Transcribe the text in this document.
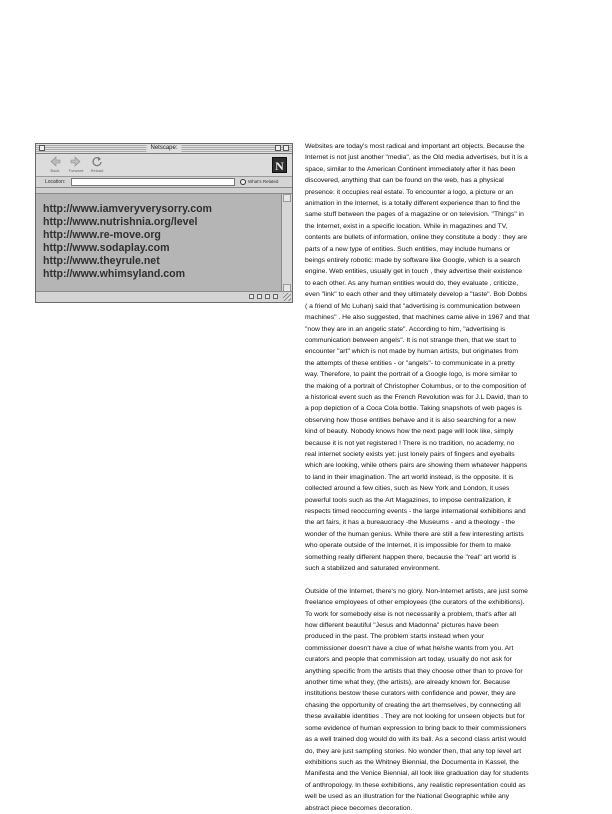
Netscape:
Back	Forward	Reload	N
Location:	What's Related
http://www.iamveryverysorry.com
http://www.nutrishnia.org/level
http://www.re-move.org
http://www.sodaplay.com
http://www.theyrule.net
http://www.whimsyland.com

Websites are today's most radical and important art objects. Because the
Internet is not just another "media", as the Old media advertises, but it is a
space, similar to the American Continent immediately after it has been
discovered, anything that can be found on the web, has a physical
presence: it occupies real estate. To encounter a logo, a picture or an
animation in the Internet, is a totally different experience than to find the
same stuff between the pages of a magazine or on television. "Things" in
the Internet, exist in a specific location. While in magazines and TV,
contents are bullets of information, online they constitute a body : they are
parts of a new type of entities. Such entities, may include humans or
beings entirely robotic: made by software like Google, which is a search
engine. Web entities, usually get in touch , they advertise their existence
to each other. As any human entities would do, they evaluate , criticize,
even "link" to each other and they ultimately develop a "taste". Bob Dobbs
( a friend of Mc Luhan) said that "advertising is communication between
machines" . He also suggested, that machines came alive in 1967 and that
"now they are in an angelic state". According to him, "advertising is
communication between angels". It is not strange then, that we start to
encounter "art" which is not made by human artists, but originates from
the attempts of these entities - or "angels"- to communicate in a pretty
way. Therefore, to paint the portrait of a Google logo, is more similar to
the making of a portrait of Christopher Columbus, or to the composition of
a historical event such as the French Revolution was for J.L David, than to
a pop depiction of a Coca Cola bottle. Taking snapshots of web pages is
observing how those entities behave and it is also searching for a new
kind of beauty. Nobody knows how the next page will look like, simply
because it is not yet registered ! There is no tradition, no academy, no
real internet society exists yet: just lonely pairs of fingers and eyeballs
which are looking, while others pairs are showing them whatever happens
to land in their imagination. The art world instead, is the opposite. It is
collected around a few cities, such as New York and London, it uses
powerful tools such as the Art Magazines, to impose centralization, it
respects timed reoccurring events - the large international exhibitions and
the art fairs, it has a bureaucracy -the Museums - and a theology - the
wonder of the human genius. While there are still a few interesting artists
who operate outside of the Internet, it is impossible for them to make
something really different happen there, because the "real" art world is
such a stabilized and saturated environment.

Outside of the Internet, there's no glory. Non-Internet artists, are just some
freelance employees of other employees (the curators of the exhibitions).
To work for somebody else is not necessarily a problem, that's after all
how different beautiful "Jesus and Madonna" pictures have been
produced in the past. The problem starts instead when your
commissioner doesn't have a clue of what he/she wants from you. Art
curators and people that commission art today, usually do not ask for
anything specific from the artists that they choose other than to prove for
another time what they, (the artists), are already known for. Because
institutions bestow these curators with confidence and power, they are
chasing the opportunity of creating the art themselves, by connecting all
these available identities . They are not looking for unseen objects but for
some evidence of human expression to bring back to their commissioners
as a well trained dog would do with its ball. As a second class artist would
do, they are just sampling stories. No wonder then, that any top level art
exhibitions such as the Whitney Biennial, the Documenta in Kassel, the
Manifesta and the Venice Biennial, all look like graduation day for students
of anthropology. In these exhibitions, any realistic representation could as
well be used as an illustration for the National Geographic while any
abstract piece becomes decoration.
